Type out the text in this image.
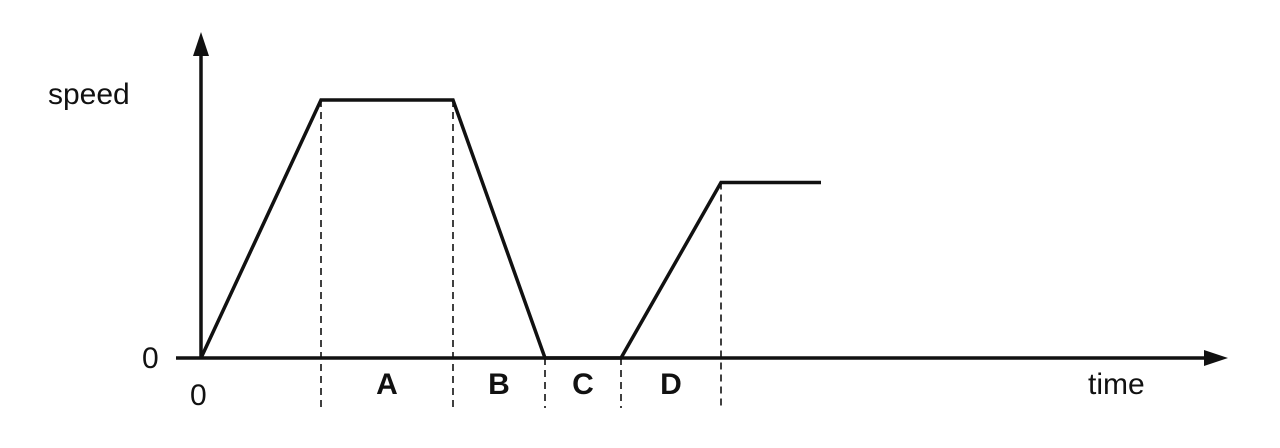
speed
time
0
0	A	B C D
